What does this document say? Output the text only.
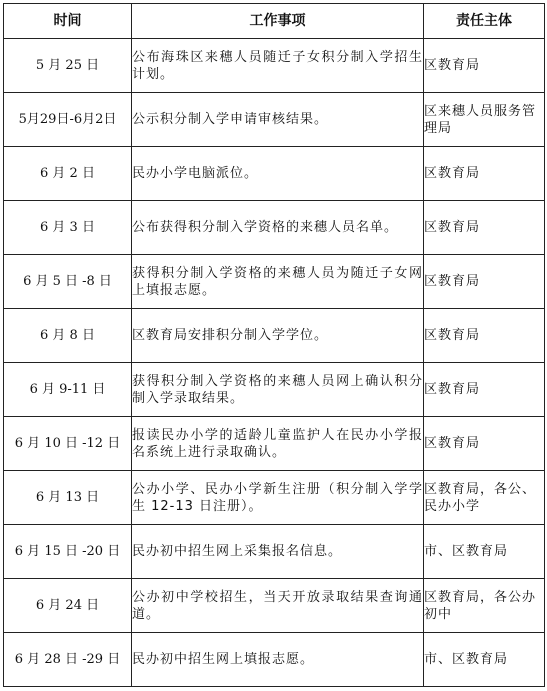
时间	工作事项	责任主体
5 月 25 日	公布海珠区来穗人员随迁子女积分制入学招生计划。	区教育局
5月29日-6月2日	公示积分制入学申请审核结果。	区来穗人员服务管理局
6 月 2 日	民办小学电脑派位。	区教育局
6 月 3 日	公布获得积分制入学资格的来穗人员名单。	区教育局
6 月 5 日 -8 日	获得积分制入学资格的来穗人员为随迁子女网上填报志愿。	区教育局
6 月 8 日	区教育局安排积分制入学学位。	区教育局
6 月 9-11 日	获得积分制入学资格的来穗人员网上确认积分制入学录取结果。	区教育局
6 月 10 日 -12 日	报读民办小学的适龄儿童监护人在民办小学报名系统上进行录取确认。	区教育局
6 月 13 日	公办小学、民办小学新生注册（积分制入学学生 12-13 日注册）。	区教育局，各公、民办小学
6 月 15 日 -20 日	民办初中招生网上采集报名信息。	市、区教育局
6 月 24 日	公办初中学校招生，当天开放录取结果查询通道。	区教育局，各公办初中
6 月 28 日 -29 日	民办初中招生网上填报志愿。	市、区教育局
